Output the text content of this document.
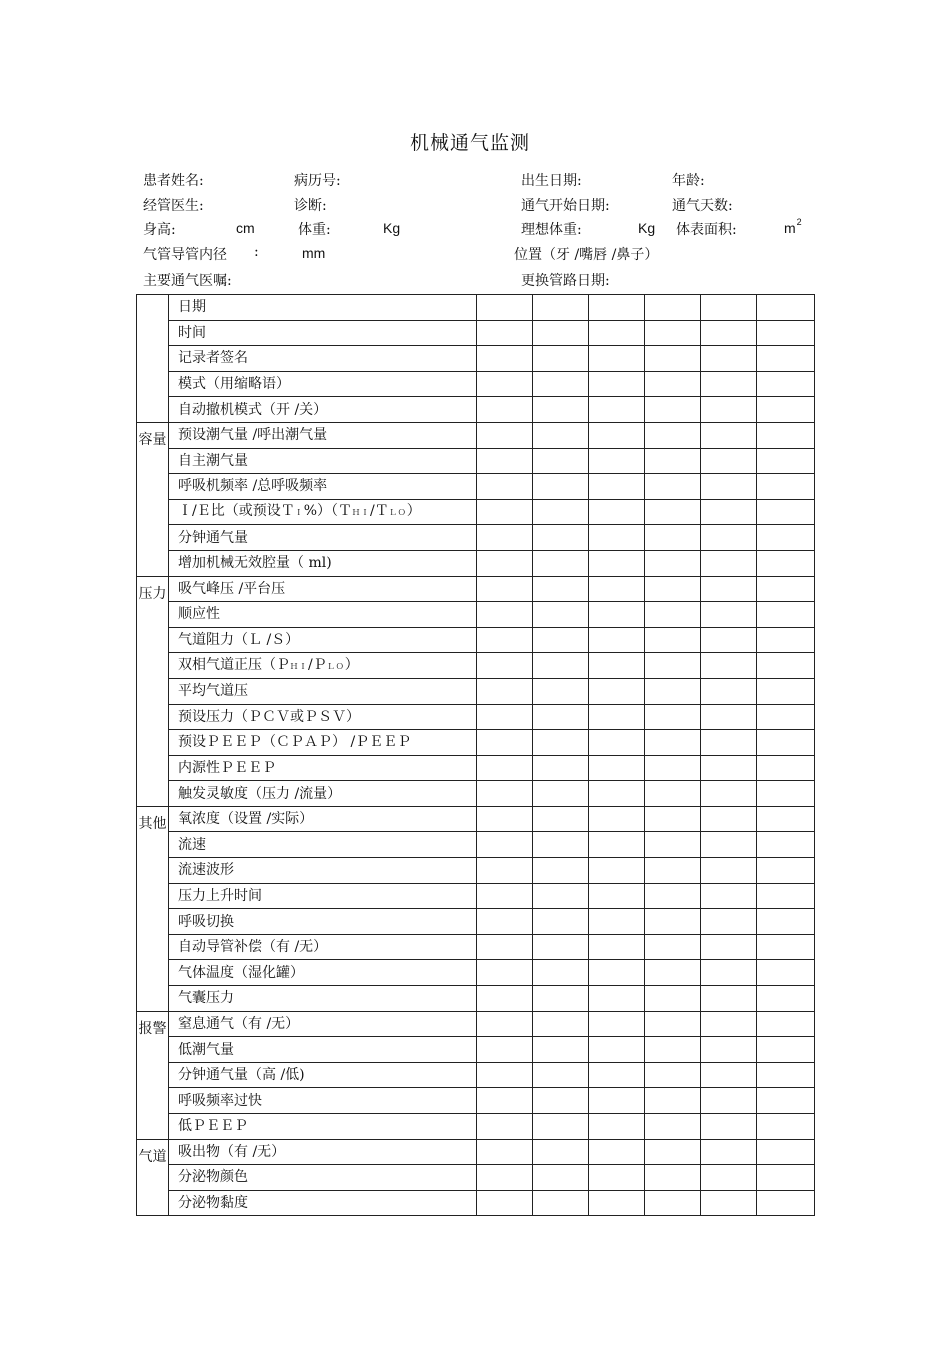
机械通气监测
患者姓名:	病历号:	出生日期:	年龄:
经管医生:	诊断:	通气开始日期:	通气天数:
身高:	cm	体重:	Kg	理想体重:	Kg 体表面积:	$m^2$
气管导管内径 :	mm	位置（牙 /嘴唇 /鼻子）
主要通气医嘱:	更换管路日期:
	日期						
	时间						
	记录者签名						
	模式（用缩略语）						
	自动撤机模式（开 /关）						
容量	预设潮气量 /呼出潮气量						
	自主潮气量						
	呼吸机频率 /总呼吸频率						
	Ｉ/Ｅ比（或预设ＴＩ%）（ＴＨＩ/ＴＬＯ）						
	分钟通气量						
	增加机械无效腔量（ ml)						
压力	吸气峰压 /平台压						
	顺应性						
	气道阻力（Ｌ /Ｓ）						
	双相气道正压（ＰＨＩ/ＰＬＯ）						
	平均气道压						
	预设压力（ＰＣＶ或ＰＳＶ）						
	预设ＰＥＥＰ（ＣＰＡＰ） /ＰＥＥＰ						
	内源性ＰＥＥＰ						
	触发灵敏度（压力 /流量）						
其他	氧浓度（设置 /实际）						
	流速						
	流速波形						
	压力上升时间						
	呼吸切换						
	自动导管补偿（有 /无）						
	气体温度（湿化罐）						
	气囊压力						
报警	窒息通气（有 /无）						
	低潮气量						
	分钟通气量（高 /低)						
	呼吸频率过快						
	低ＰＥＥＰ						
气道	吸出物（有 /无）						
	分泌物颜色						
	分泌物黏度						
